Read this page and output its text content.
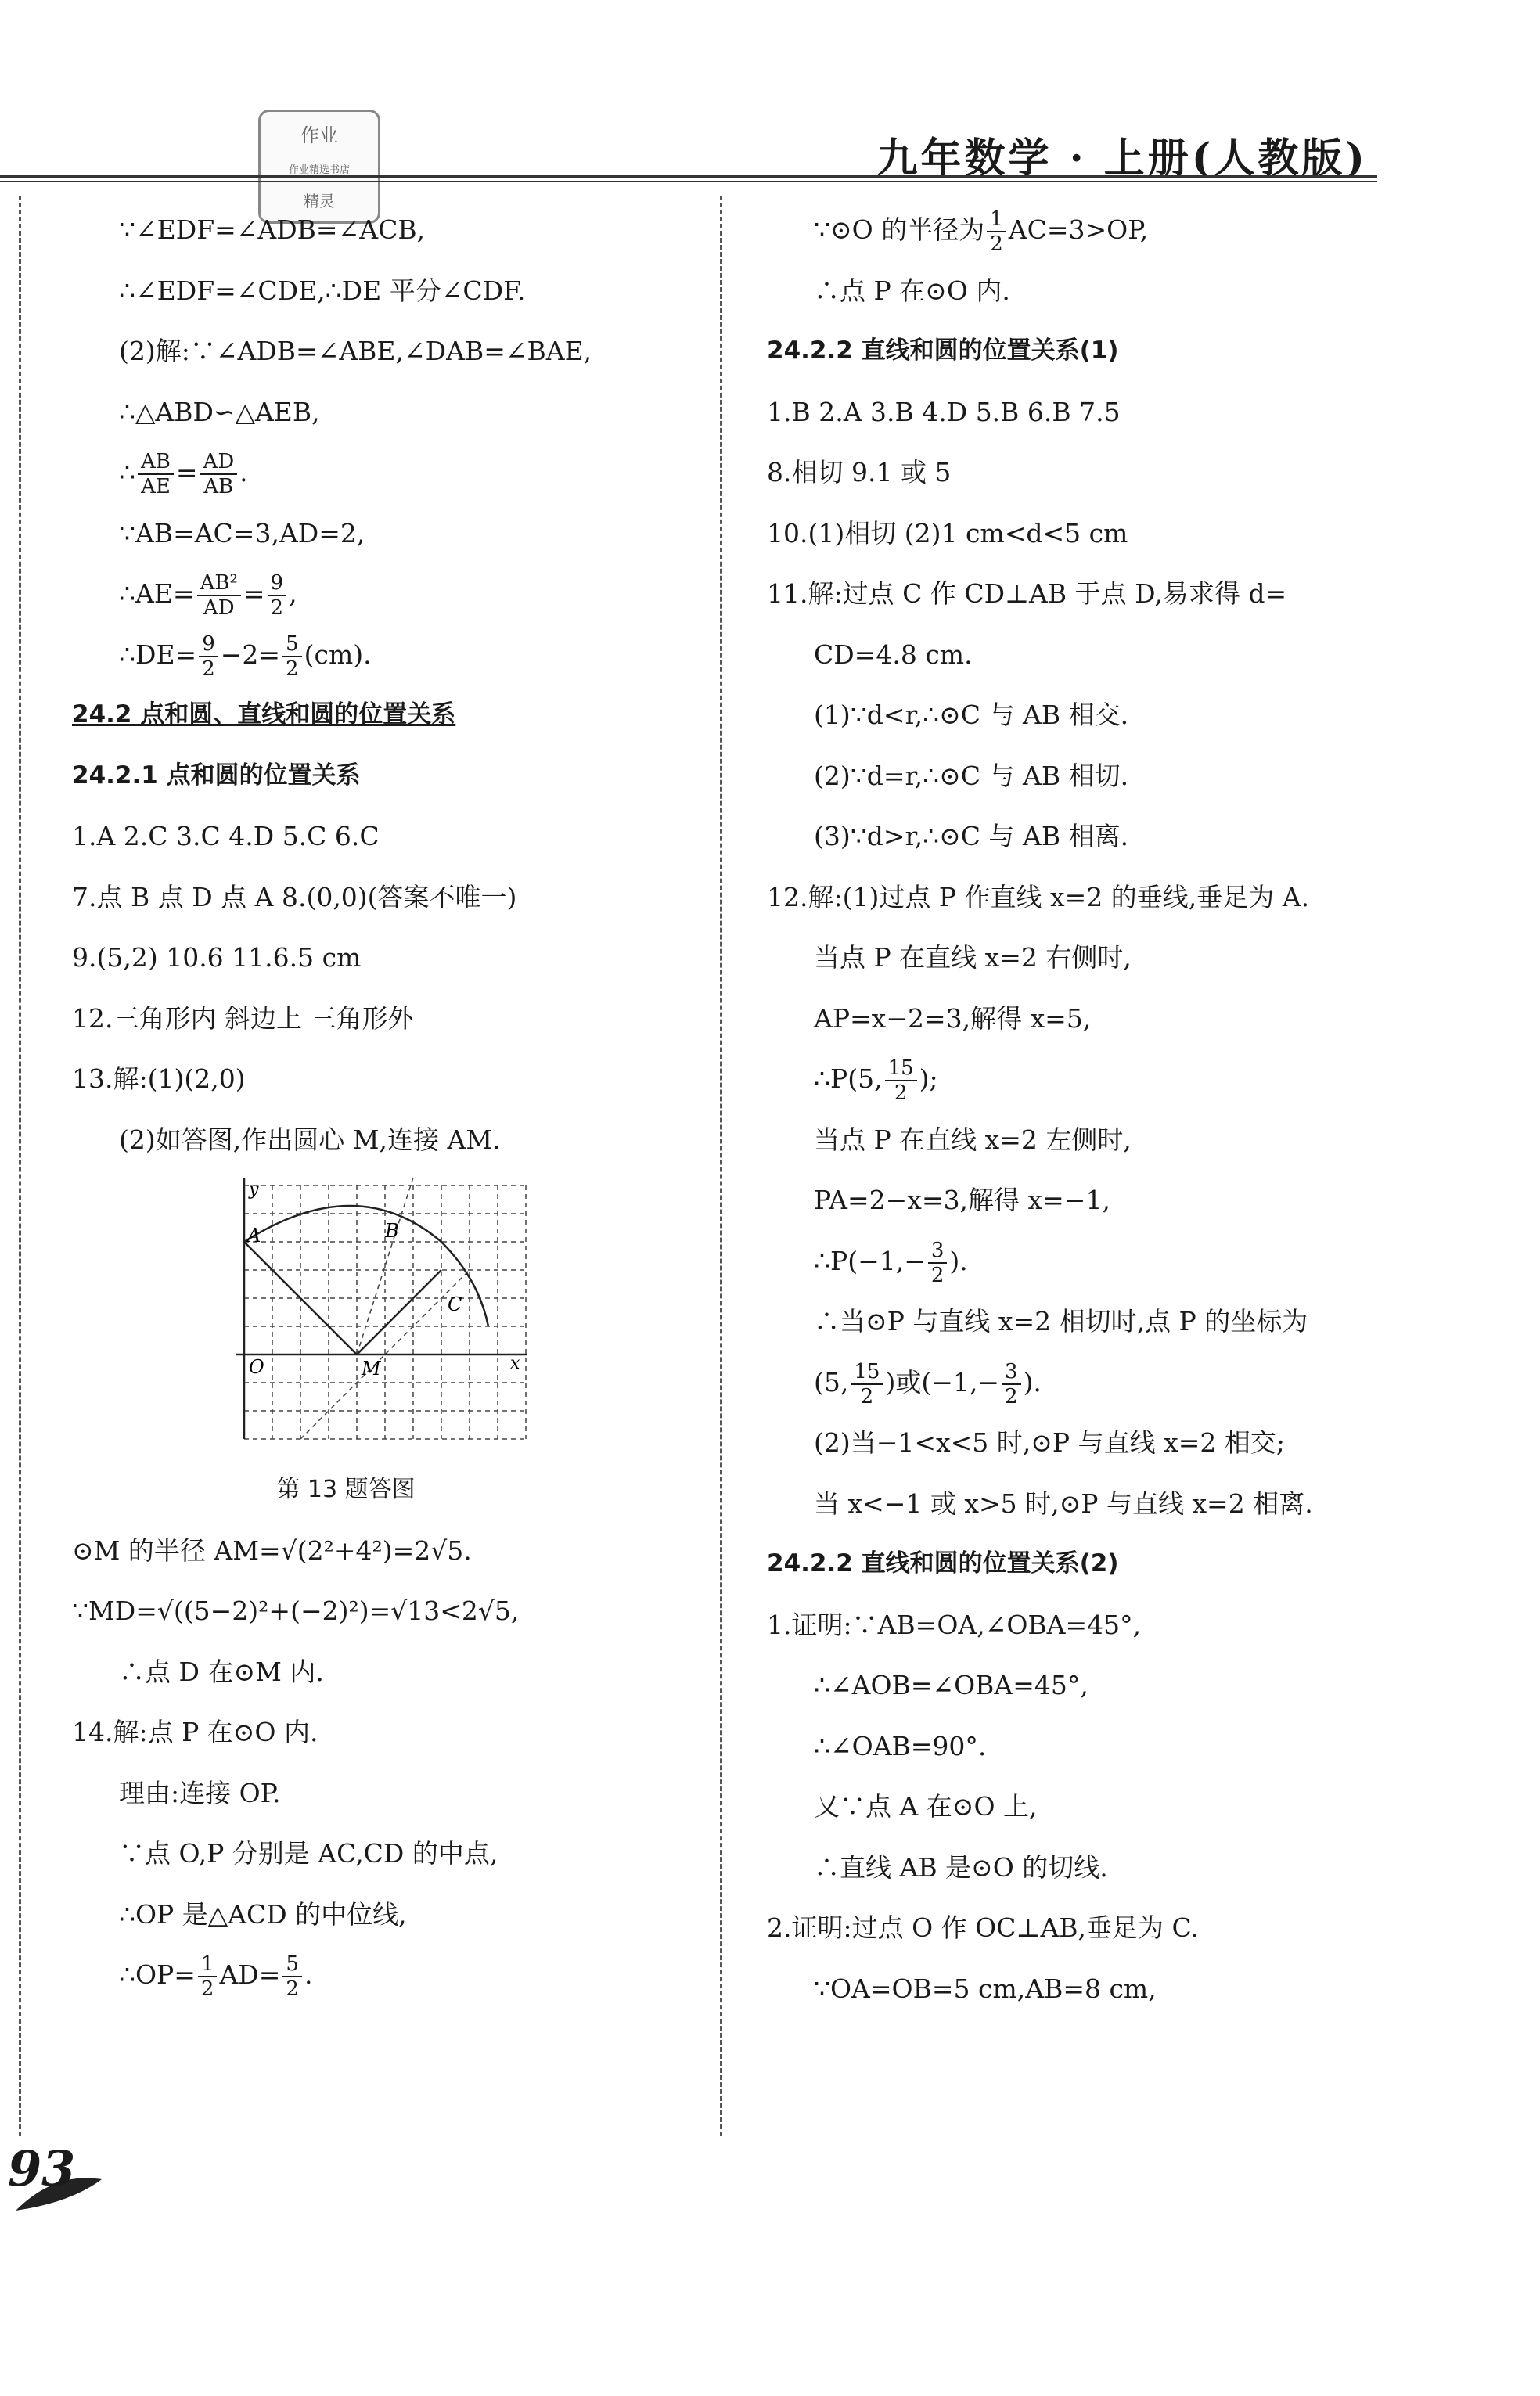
作业
作业精选书店
精灵
九年数学 · 上册(人教版)
∵∠EDF=∠ADB=∠ACB,
∴∠EDF=∠CDE,∴DE 平分∠CDF.
(2)解:∵∠ADB=∠ABE,∠DAB=∠BAE,
∴△ABD∽△AEB,
∴ $\frac{AB}{AE} = \frac{AD}{AB}$ .
∵AB=AC=3,AD=2,
∴AE= $\frac{\text{AB²}}{AD} = \frac{9}{2}$ ,
∴DE= $\frac{9}{2} -2= \frac{5}{2} (cm)$.
24.2 点和圆、直线和圆的位置关系
24.2.1 点和圆的位置关系
1.A 2.C 3.C 4.D 5.C 6.C
7.点 B 点 D 点 A 8.(0,0)(答案不唯一)
9.(5,2) 10.6 11.6.5 cm
12.三角形内 斜边上 三角形外
13.解:(1)(2,0)
(2)如答图,作出圆心 M,连接 AM.
y
x
O
A	B
C
M
第 13 题答图
⊙M 的半径 AM=√(2²+4²)=2√5.
∵MD=√((5−2)²+(−2)²)=√13<2√5,
∴点 D 在⊙M 内.
14.解:点 P 在⊙O 内.
理由:连接 OP.
∵点 O,P 分别是 AC,CD 的中点,
∴OP 是△ACD 的中位线,
∴OP= $\frac{1}{2} AD= \frac{5}{2}$ .
∵⊙O 的半径为 $\frac{1}{2} AC=3>OP$,
∴点 P 在⊙O 内.
24.2.2 直线和圆的位置关系(1)
1.B 2.A 3.B 4.D 5.B 6.B 7.5
8.相切 9.1 或 5
10.(1)相切 (2)1 cm<d<5 cm
11.解:过点 C 作 CD⊥AB 于点 D,易求得 d=
CD=4.8 cm.
(1)∵d<r,∴⊙C 与 AB 相交.
(2)∵d=r,∴⊙C 与 AB 相切.
(3)∵d>r,∴⊙C 与 AB 相离.
12.解:(1)过点 P 作直线 x=2 的垂线,垂足为 A.
当点 P 在直线 x=2 右侧时,
AP=x−2=3,解得 x=5,
∴P(5, $\frac{15}{2}$ );
当点 P 在直线 x=2 左侧时,
PA=2−x=3,解得 x=−1,
∴P(−1,− $\frac{3}{2}$ ).
∴当⊙P 与直线 x=2 相切时,点 P 的坐标为
(5, $\frac{15}{2}$ )或($-1,- \frac{3}{2}$ ).
(2)当−1<x<5 时,⊙P 与直线 x=2 相交;
当 x<−1 或 x>5 时,⊙P 与直线 x=2 相离.
24.2.2 直线和圆的位置关系(2)
1.证明:∵AB=OA,∠OBA=45°,
∴∠AOB=∠OBA=45°,
∴∠OAB=90°.
又∵点 A 在⊙O 上,
∴直线 AB 是⊙O 的切线.
2.证明:过点 O 作 OC⊥AB,垂足为 C.
∵OA=OB=5 cm,AB=8 cm,
93
